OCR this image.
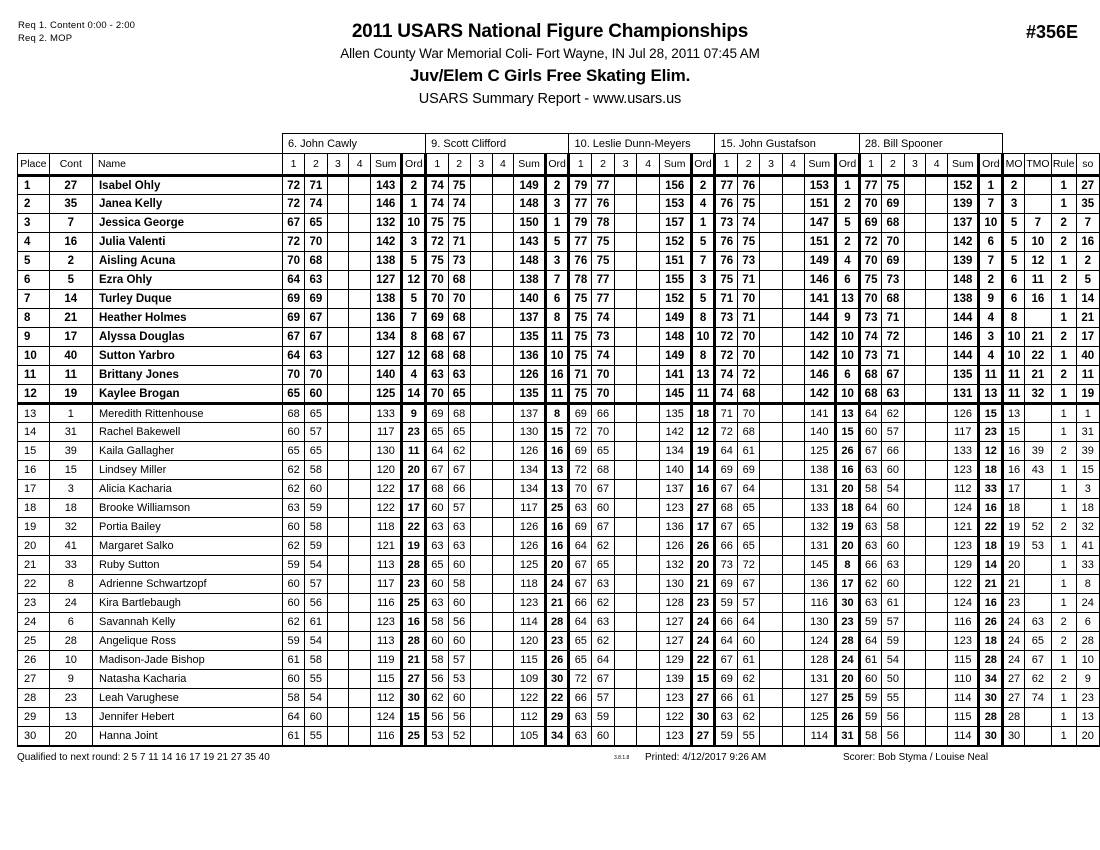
Req 1. Content 0:00 - 2:00
Req 2. MOP	2011 USARS National Figure Championships	#356E
Allen County War Memorial Coli- Fort Wayne, IN Jul 28, 2011 07:45 AM
Juv/Elem C Girls Free Skating Elim.
USARS Summary Report - www.usars.us
			6. John Cawly						9. Scott Clifford						10. Leslie Dunn-Meyers						15. John Gustafson						28. Bill Spooner									
Place	Cont	Name	1	2	3	4	Sum	Ord	1	2	3	4	Sum	Ord	1	2	3	4	Sum	Ord	1	2	3	4	Sum	Ord	1	2	3	4	Sum	Ord	MO	TMO	Rule	so
1	27	Isabel Ohly	72	71			143	2	74	75			149	2	79	77			156	2	77	76			153	1	77	75			152	1	2		1	27
2	35	Janea Kelly	72	74			146	1	74	74			148	3	77	76			153	4	76	75			151	2	70	69			139	7	3		1	35
3	7	Jessica George	67	65			132	10	75	75			150	1	79	78			157	1	73	74			147	5	69	68			137	10	5	7	2	7
4	16	Julia Valenti	72	70			142	3	72	71			143	5	77	75			152	5	76	75			151	2	72	70			142	6	5	10	2	16
5	2	Aisling Acuna	70	68			138	5	75	73			148	3	76	75			151	7	76	73			149	4	70	69			139	7	5	12	1	2
6	5	Ezra Ohly	64	63			127	12	70	68			138	7	78	77			155	3	75	71			146	6	75	73			148	2	6	11	2	5
7	14	Turley Duque	69	69			138	5	70	70			140	6	75	77			152	5	71	70			141	13	70	68			138	9	6	16	1	14
8	21	Heather Holmes	69	67			136	7	69	68			137	8	75	74			149	8	73	71			144	9	73	71			144	4	8		1	21
9	17	Alyssa Douglas	67	67			134	8	68	67			135	11	75	73			148	10	72	70			142	10	74	72			146	3	10	21	2	17
10	40	Sutton Yarbro	64	63			127	12	68	68			136	10	75	74			149	8	72	70			142	10	73	71			144	4	10	22	1	40
11	11	Brittany Jones	70	70			140	4	63	63			126	16	71	70			141	13	74	72			146	6	68	67			135	11	11	21	2	11
12	19	Kaylee Brogan	65	60			125	14	70	65			135	11	75	70			145	11	74	68			142	10	68	63			131	13	11	32	1	19
13	1	Meredith Rittenhouse	68	65			133	9	69	68			137	8	69	66			135	18	71	70			141	13	64	62			126	15	13		1	1
14	31	Rachel Bakewell	60	57			117	23	65	65			130	15	72	70			142	12	72	68			140	15	60	57			117	23	15		1	31
15	39	Kaila Gallagher	65	65			130	11	64	62			126	16	69	65			134	19	64	61			125	26	67	66			133	12	16	39	2	39
16	15	Lindsey Miller	62	58			120	20	67	67			134	13	72	68			140	14	69	69			138	16	63	60			123	18	16	43	1	15
17	3	Alicia Kacharia	62	60			122	17	68	66			134	13	70	67			137	16	67	64			131	20	58	54			112	33	17		1	3
18	18	Brooke Williamson	63	59			122	17	60	57			117	25	63	60			123	27	68	65			133	18	64	60			124	16	18		1	18
19	32	Portia Bailey	60	58			118	22	63	63			126	16	69	67			136	17	67	65			132	19	63	58			121	22	19	52	2	32
20	41	Margaret Salko	62	59			121	19	63	63			126	16	64	62			126	26	66	65			131	20	63	60			123	18	19	53	1	41
21	33	Ruby Sutton	59	54			113	28	65	60			125	20	67	65			132	20	73	72			145	8	66	63			129	14	20		1	33
22	8	Adrienne Schwartzopf	60	57			117	23	60	58			118	24	67	63			130	21	69	67			136	17	62	60			122	21	21		1	8
23	24	Kira Bartlebaugh	60	56			116	25	63	60			123	21	66	62			128	23	59	57			116	30	63	61			124	16	23		1	24
24	6	Savannah Kelly	62	61			123	16	58	56			114	28	64	63			127	24	66	64			130	23	59	57			116	26	24	63	2	6
25	28	Angelique Ross	59	54			113	28	60	60			120	23	65	62			127	24	64	60			124	28	64	59			123	18	24	65	2	28
26	10	Madison-Jade Bishop	61	58			119	21	58	57			115	26	65	64			129	22	67	61			128	24	61	54			115	28	24	67	1	10
27	9	Natasha Kacharia	60	55			115	27	56	53			109	30	72	67			139	15	69	62			131	20	60	50			110	34	27	62	2	9
28	23	Leah Varughese	58	54			112	30	62	60			122	22	66	57			123	27	66	61			127	25	59	55			114	30	27	74	1	23
29	13	Jennifer Hebert	64	60			124	15	56	56			112	29	63	59			122	30	63	62			125	26	59	56			115	28	28		1	13
30	20	Hanna Joint	61	55			116	25	53	52			105	34	63	60			123	27	59	55			114	31	58	56			114	30	30		1	20
Qualified to next round: 2 5 7 11 14 16 17 19 21 27 35 40	3.8.1.8 Printed: 4/12/2017 9:26 AM	Scorer: Bob Styma / Louise Neal
